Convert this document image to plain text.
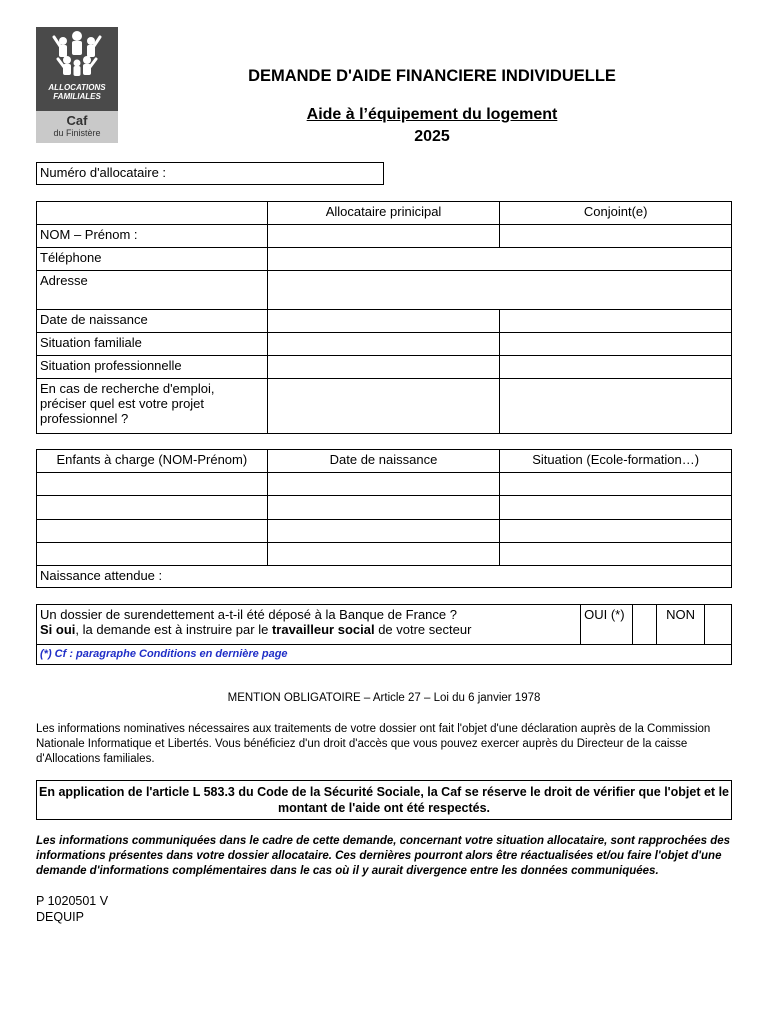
ALLOCATIONS
FAMILIALES
Caf
du Finistère
DEMANDE D'AIDE FINANCIERE INDIVIDUELLE
Aide à l’équipement du logement
2025
Numéro d'allocataire :
	Allocataire prinicipal	Conjoint(e)
NOM – Prénom :		
Téléphone		
Adresse		
Date de naissance		
Situation familiale		
Situation professionnelle		
En cas de recherche d'emploi, préciser quel est votre projet professionnel ?		
Enfants à charge (NOM-Prénom)	Date de naissance	Situation (Ecole-formation…)

Naissance attendue :		
Un dossier de surendettement a-t-il été déposé à la Banque de France ?
Si oui, la demande est à instruire par le travailleur social de votre secteur	OUI (*)		NON	
(*) Cf : paragraphe Conditions en dernière page
MENTION OBLIGATOIRE – Article 27 – Loi du 6 janvier 1978
Les informations nominatives nécessaires aux traitements de votre dossier ont fait l'objet d'une déclaration auprès de la Commission Nationale Informatique et Libertés. Vous bénéficiez d'un droit d'accès que vous pouvez exercer auprès du Directeur de la caisse d'Allocations familiales.
En application de l'article L 583.3 du Code de la Sécurité Sociale, la Caf se réserve le droit de vérifier que l'objet et le montant de l'aide ont été respectés.
Les informations communiquées dans le cadre de cette demande, concernant votre situation allocataire, sont rapprochées des informations présentes dans votre dossier allocataire. Ces dernières pourront alors être réactualisées et/ou faire l'objet d'une demande d'informations complémentaires dans le cas où il y aurait divergence entre les données communiquées.
P 1020501 V
DEQUIP
